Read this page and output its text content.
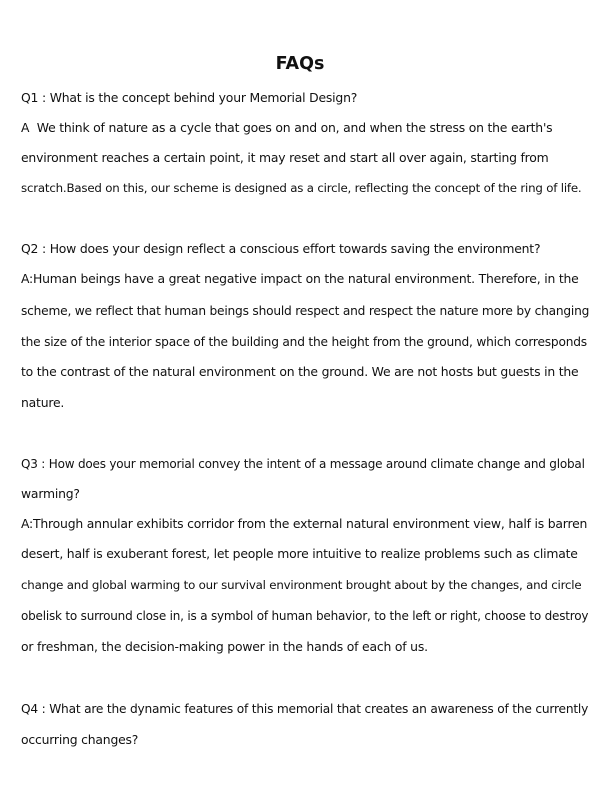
FAQs
Q1 : What is the concept behind your Memorial Design?
A  We think of nature as a cycle that goes on and on, and when the stress on the earth's
environment reaches a certain point, it may reset and start all over again, starting from
scratch.Based on this, our scheme is designed as a circle, reflecting the concept of the ring of life.
Q2 : How does your design reflect a conscious effort towards saving the environment?
A:Human beings have a great negative impact on the natural environment. Therefore, in the
scheme, we reflect that human beings should respect and respect the nature more by changing
the size of the interior space of the building and the height from the ground, which corresponds
to the contrast of the natural environment on the ground. We are not hosts but guests in the
nature.
Q3 : How does your memorial convey the intent of a message around climate change and global
warming?
A:Through annular exhibits corridor from the external natural environment view, half is barren
desert, half is exuberant forest, let people more intuitive to realize problems such as climate
change and global warming to our survival environment brought about by the changes, and circle
obelisk to surround close in, is a symbol of human behavior, to the left or right, choose to destroy
or freshman, the decision-making power in the hands of each of us.
Q4 : What are the dynamic features of this memorial that creates an awareness of the currently
occurring changes?
